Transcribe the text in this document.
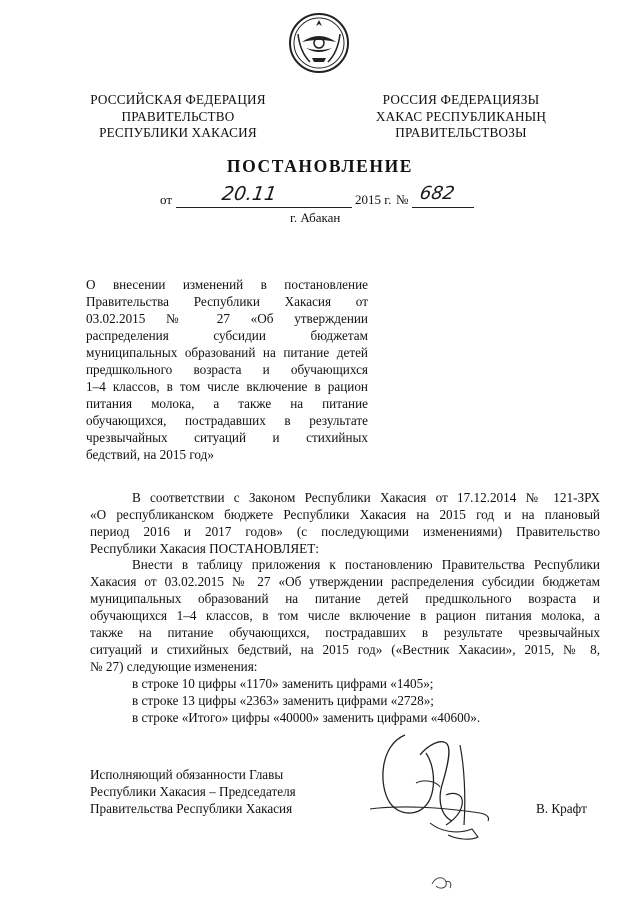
РОССИЙСКАЯ ФЕДЕРАЦИЯ
ПРАВИТЕЛЬСТВО
РЕСПУБЛИКИ ХАКАСИЯ
РОССИЯ ФЕДЕРАЦИЯЗЫ
ХАКАС РЕСПУБЛИКАНЫҢ
ПРАВИТЕЛЬСТВОЗЫ
ПОСТАНОВЛЕНИЕ
от	20.11	2015 г. № 682
г. Абакан
О внесении изменений в постановление
Правительства Республики Хакасия от
03.02.2015 № 27 «Об утверждении
распределения субсидии бюджетам
муниципальных образований на питание детей
предшкольного возраста и обучающихся
1–4 классов, в том числе включение в рацион
питания молока, а также на питание
обучающихся, пострадавших в результате
чрезвычайных ситуаций и стихийных
бедствий, на 2015 год»
В соответствии с Законом Республики Хакасия от 17.12.2014 № 121-ЗРХ
«О республиканском бюджете Республики Хакасия на 2015 год и на плановый
период 2016 и 2017 годов» (с последующими изменениями) Правительство
Республики Хакасия ПОСТАНОВЛЯЕТ:
Внести в таблицу приложения к постановлению Правительства Республики
Хакасия от 03.02.2015 № 27 «Об утверждении распределения субсидии бюджетам
муниципальных образований на питание детей предшкольного возраста и
обучающихся 1–4 классов, в том числе включение в рацион питания молока, а
также на питание обучающихся, пострадавших в результате чрезвычайных
ситуаций и стихийных бедствий, на 2015 год» («Вестник Хакасии», 2015, № 8,
№ 27) следующие изменения:
в строке 10 цифры «1170» заменить цифрами «1405»;
в строке 13 цифры «2363» заменить цифрами «2728»;
в строке «Итого» цифры «40000» заменить цифрами «40600».
Исполняющий обязанности Главы
Республики Хакасия – Председателя
Правительства Республики Хакасия	В. Крафт
